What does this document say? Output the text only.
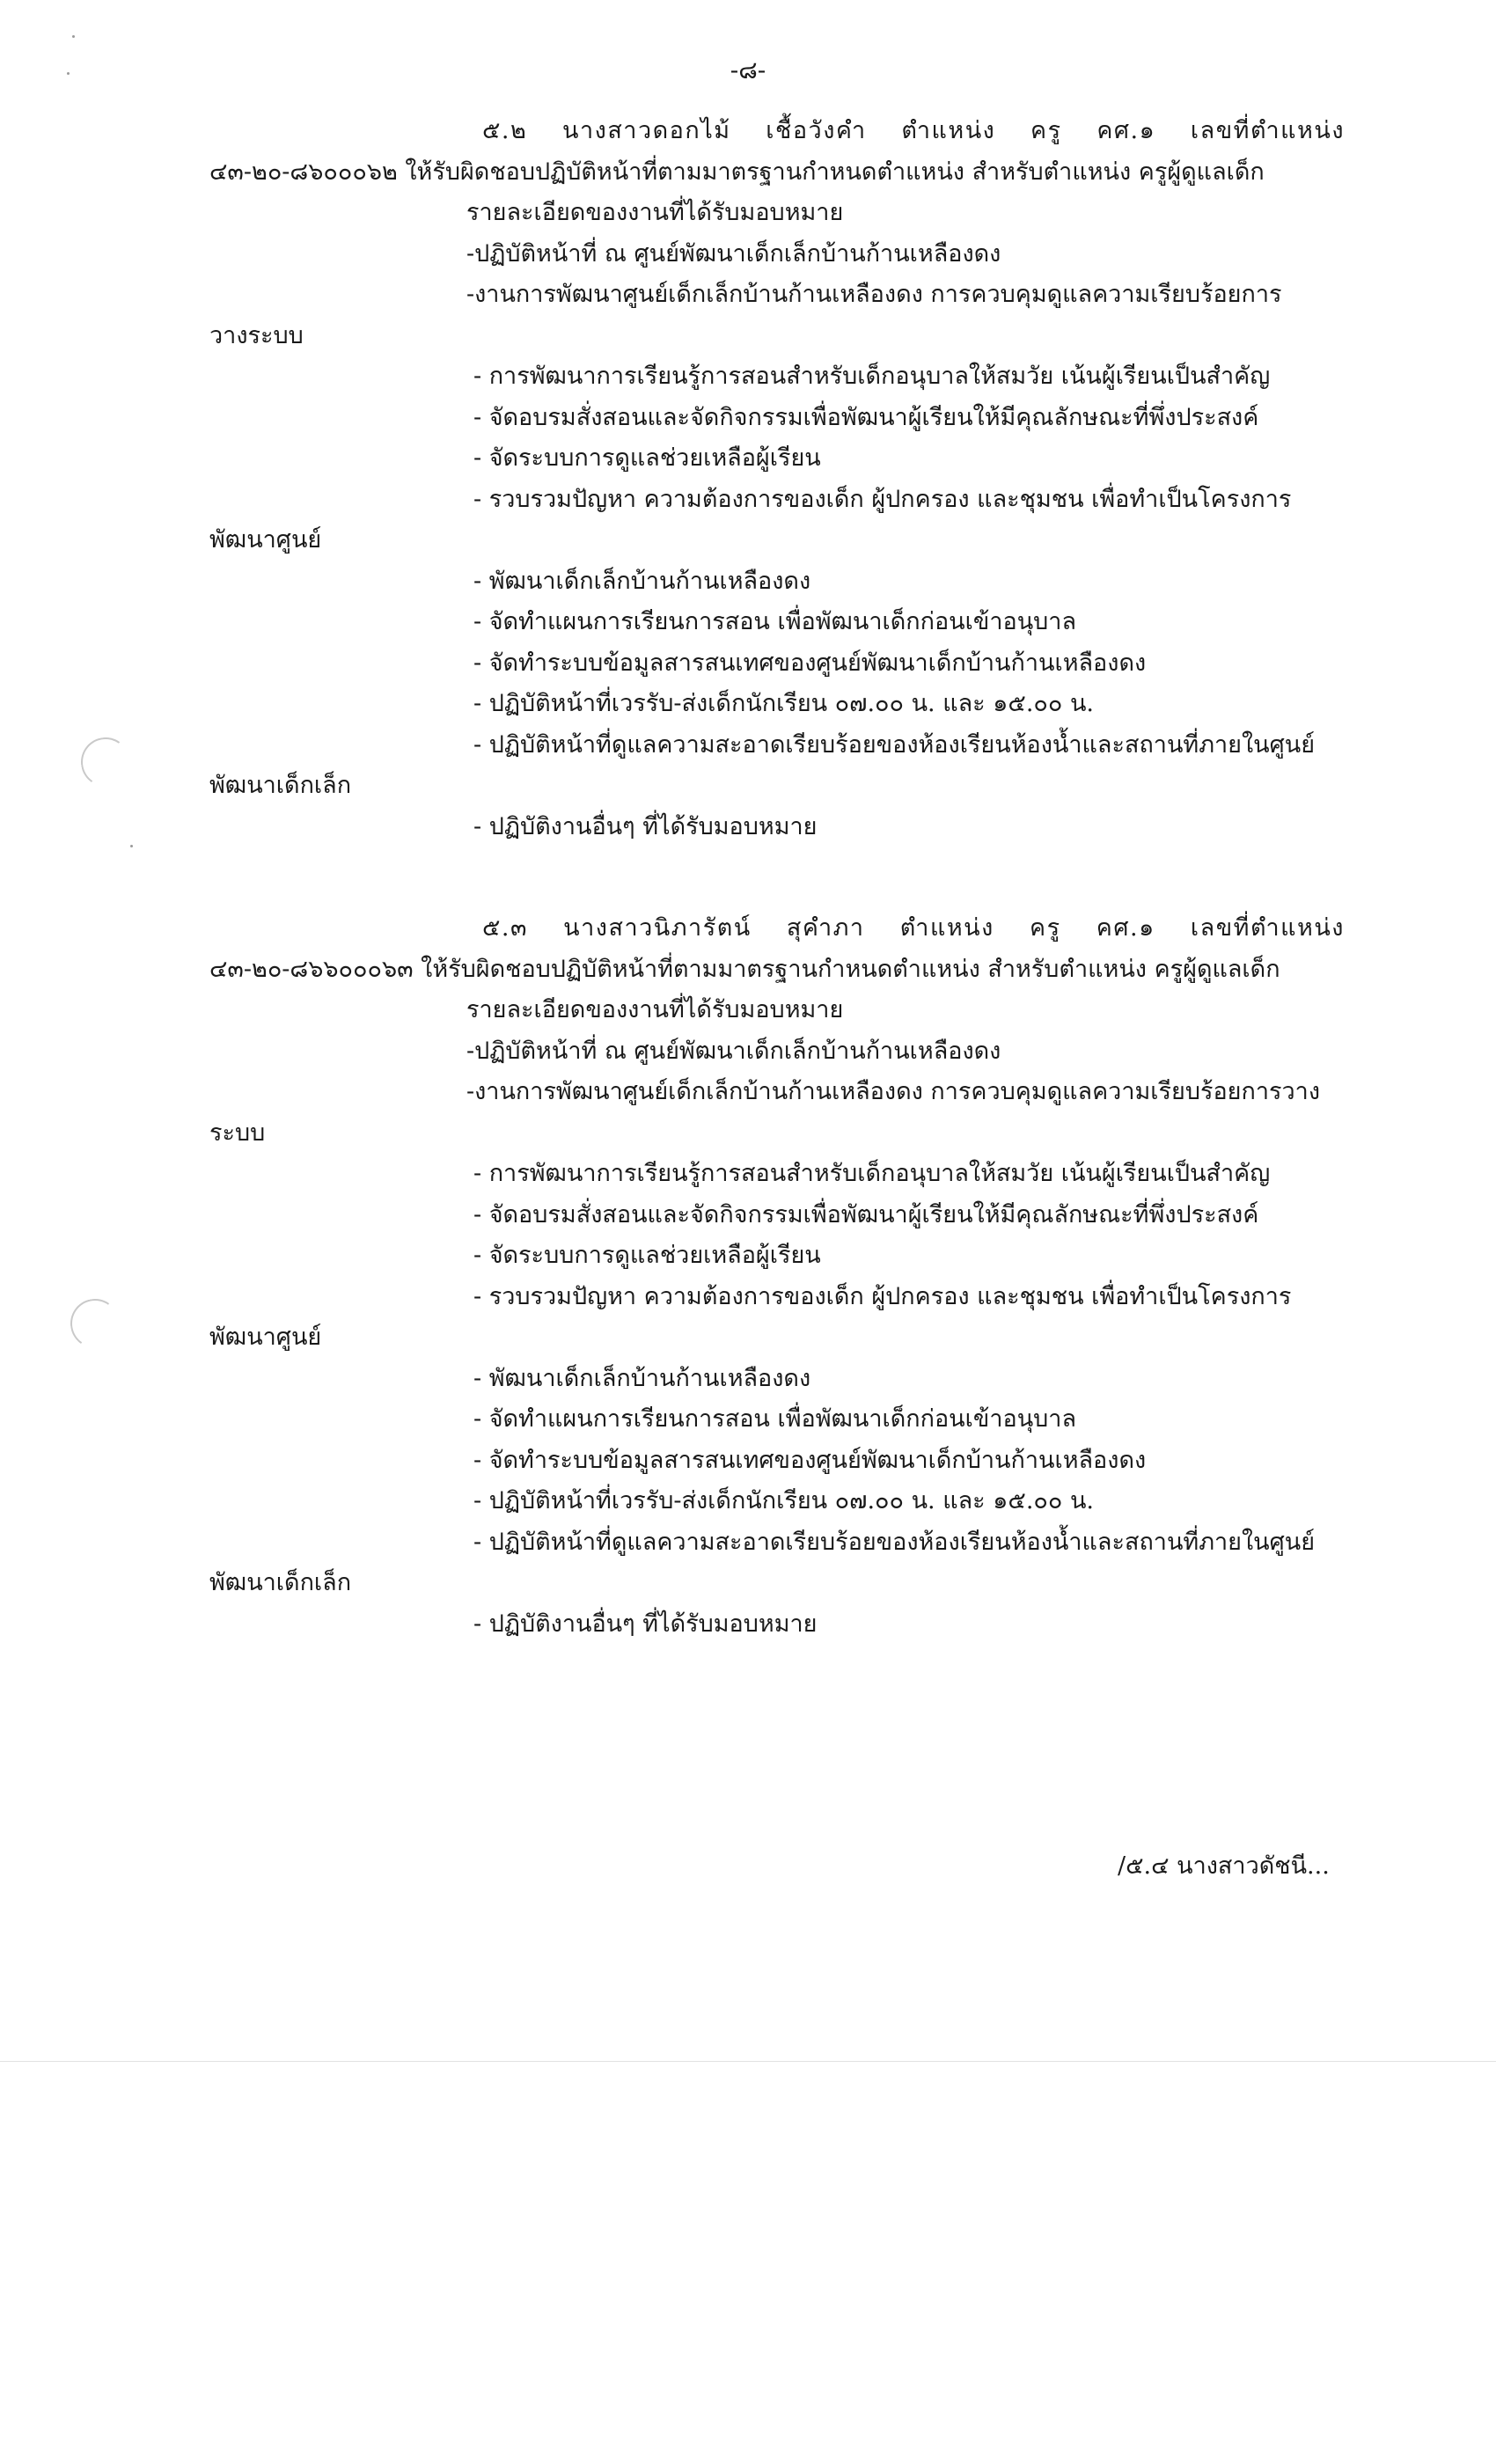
-๘-

๕.๒ นางสาวดอกไม้ เชื้อวังคำ ตำแหน่ง ครู คศ.๑ เลขที่ตำแหน่ง

๔๓-๒๐-๘๖๐๐๐๖๒ ให้รับผิดชอบปฏิบัติหน้าที่ตามมาตรฐานกำหนดตำแหน่ง สำหรับตำแหน่ง ครูผู้ดูแลเด็ก

รายละเอียดของงานที่ได้รับมอบหมาย

-ปฏิบัติหน้าที่ ณ ศูนย์พัฒนาเด็กเล็กบ้านก้านเหลืองดง

-งานการพัฒนาศูนย์เด็กเล็กบ้านก้านเหลืองดง การควบคุมดูแลความเรียบร้อยการ

วางระบบ

- การพัฒนาการเรียนรู้การสอนสำหรับเด็กอนุบาลให้สมวัย เน้นผู้เรียนเป็นสำคัญ

- จัดอบรมสั่งสอนและจัดกิจกรรมเพื่อพัฒนาผู้เรียนให้มีคุณลักษณะที่พึ่งประสงค์

- จัดระบบการดูแลช่วยเหลือผู้เรียน

- รวบรวมปัญหา ความต้องการของเด็ก ผู้ปกครอง และชุมชน เพื่อทำเป็นโครงการ

พัฒนาศูนย์

- พัฒนาเด็กเล็กบ้านก้านเหลืองดง

- จัดทำแผนการเรียนการสอน เพื่อพัฒนาเด็กก่อนเข้าอนุบาล

- จัดทำระบบข้อมูลสารสนเทศของศูนย์พัฒนาเด็กบ้านก้านเหลืองดง

- ปฏิบัติหน้าที่เวรรับ-ส่งเด็กนักเรียน ๐๗.๐๐ น. และ ๑๕.๐๐ น.

- ปฏิบัติหน้าที่ดูแลความสะอาดเรียบร้อยของห้องเรียนห้องน้ำและสถานที่ภายในศูนย์

พัฒนาเด็กเล็ก

- ปฏิบัติงานอื่นๆ ที่ได้รับมอบหมาย

๕.๓ นางสาวนิภารัตน์ สุคำภา ตำแหน่ง ครู คศ.๑ เลขที่ตำแหน่ง

๔๓-๒๐-๘๖๖๐๐๐๖๓ ให้รับผิดชอบปฏิบัติหน้าที่ตามมาตรฐานกำหนดตำแหน่ง สำหรับตำแหน่ง ครูผู้ดูแลเด็ก

รายละเอียดของงานที่ได้รับมอบหมาย

-ปฏิบัติหน้าที่ ณ ศูนย์พัฒนาเด็กเล็กบ้านก้านเหลืองดง

-งานการพัฒนาศูนย์เด็กเล็กบ้านก้านเหลืองดง การควบคุมดูแลความเรียบร้อยการวาง

ระบบ

- การพัฒนาการเรียนรู้การสอนสำหรับเด็กอนุบาลให้สมวัย เน้นผู้เรียนเป็นสำคัญ

- จัดอบรมสั่งสอนและจัดกิจกรรมเพื่อพัฒนาผู้เรียนให้มีคุณลักษณะที่พึ่งประสงค์

- จัดระบบการดูแลช่วยเหลือผู้เรียน

- รวบรวมปัญหา ความต้องการของเด็ก ผู้ปกครอง และชุมชน เพื่อทำเป็นโครงการ

พัฒนาศูนย์

- พัฒนาเด็กเล็กบ้านก้านเหลืองดง

- จัดทำแผนการเรียนการสอน เพื่อพัฒนาเด็กก่อนเข้าอนุบาล

- จัดทำระบบข้อมูลสารสนเทศของศูนย์พัฒนาเด็กบ้านก้านเหลืองดง

- ปฏิบัติหน้าที่เวรรับ-ส่งเด็กนักเรียน ๐๗.๐๐ น. และ ๑๕.๐๐ น.

- ปฏิบัติหน้าที่ดูแลความสะอาดเรียบร้อยของห้องเรียนห้องน้ำและสถานที่ภายในศูนย์

พัฒนาเด็กเล็ก

- ปฏิบัติงานอื่นๆ ที่ได้รับมอบหมาย

/๕.๔ นางสาวดัชนี...
